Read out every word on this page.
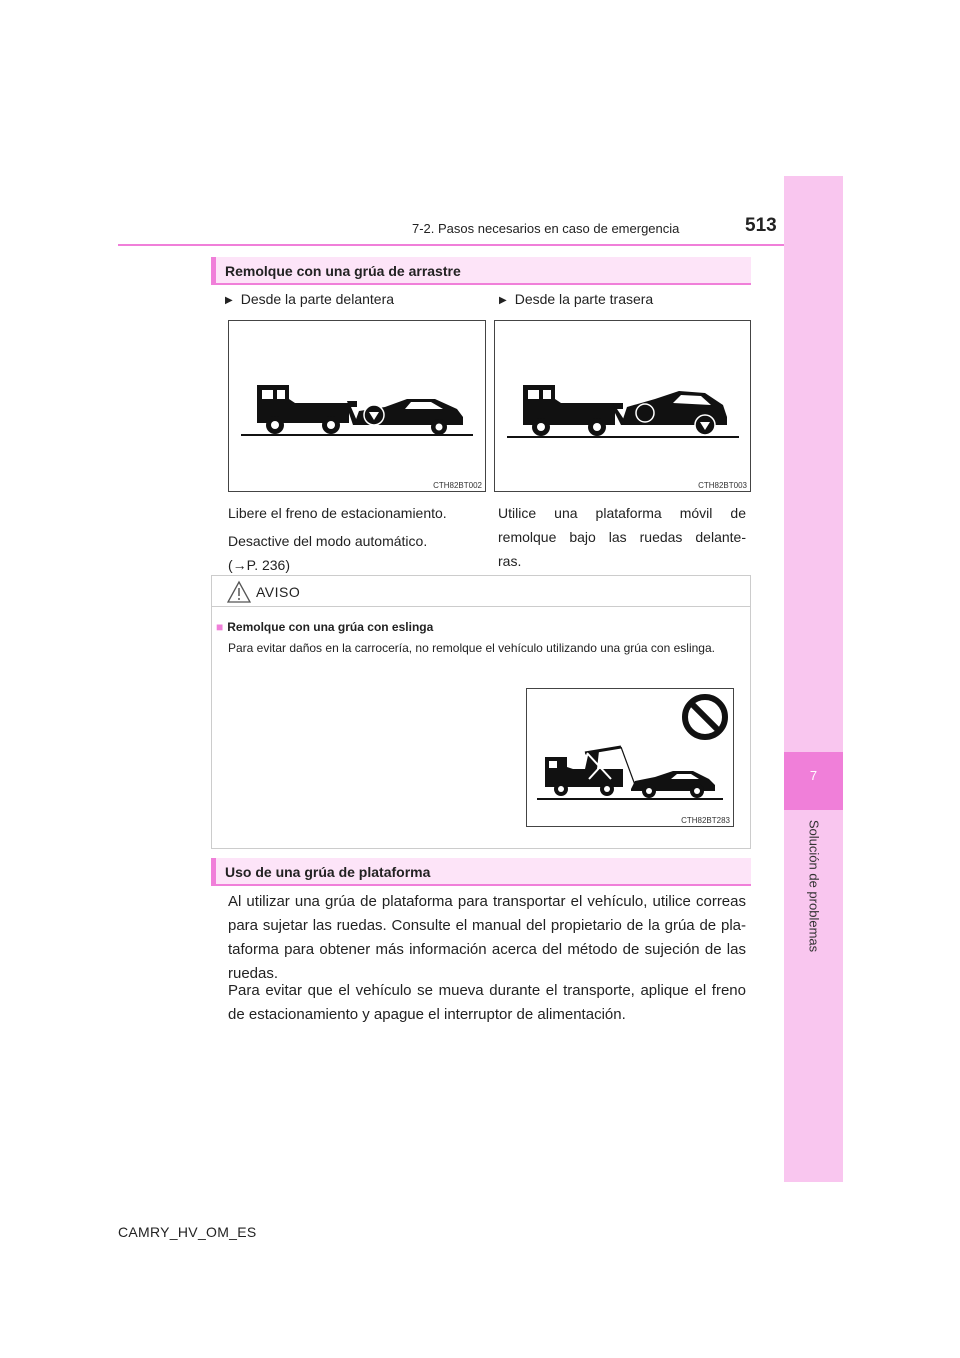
7
Solución de problemas
7-2. Pasos necesarios en caso de emergencia	513
Remolque con una grúa de arrastre
▶ Desde la parte delantera	▶ Desde la parte trasera
CTH82BT002	CTH82BT003
Libere el freno de estacionamiento.
Desactive del modo automático.
(→P. 236)
Utilice una plataforma móvil de
remolque bajo las ruedas delante-
ras.
AVISO
■ Remolque con una grúa con eslinga
Para evitar daños en la carrocería, no remolque el vehículo utilizando una grúa con eslinga.
CTH82BT283
Uso de una grúa de plataforma
Al utilizar una grúa de plataforma para transportar el vehículo, utilice correas
para sujetar las ruedas. Consulte el manual del propietario de la grúa de pla-
taforma para obtener más información acerca del método de sujeción de las
ruedas.
Para evitar que el vehículo se mueva durante el transporte, aplique el freno
de estacionamiento y apague el interruptor de alimentación.
CAMRY_HV_OM_ES
